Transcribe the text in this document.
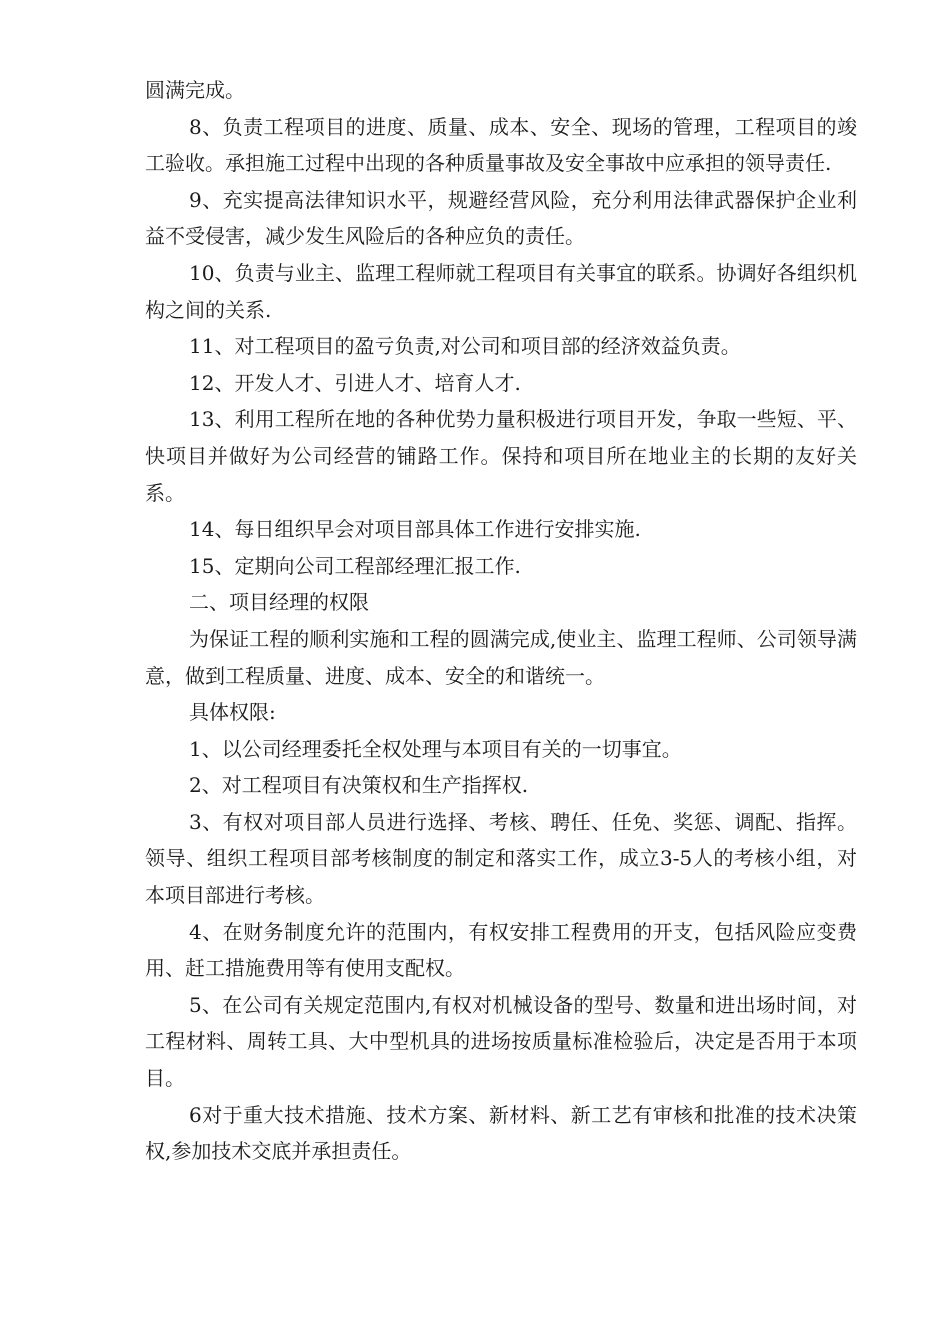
圆满完成。

8、负责工程项目的进度、质量、成本、安全、现场的管理，工程项目的竣工验收。承担施工过程中出现的各种质量事故及安全事故中应承担的领导责任.

9、充实提高法律知识水平，规避经营风险，充分利用法律武器保护企业利益不受侵害，减少发生风险后的各种应负的责任。

10、负责与业主、监理工程师就工程项目有关事宜的联系。协调好各组织机构之间的关系.

11、对工程项目的盈亏负责,对公司和项目部的经济效益负责。

12、开发人才、引进人才、培育人才.

13、利用工程所在地的各种优势力量积极进行项目开发，争取一些短、平、快项目并做好为公司经营的铺路工作。保持和项目所在地业主的长期的友好关系。

14、每日组织早会对项目部具体工作进行安排实施.

15、定期向公司工程部经理汇报工作.

二、项目经理的权限

为保证工程的顺利实施和工程的圆满完成,使业主、监理工程师、公司领导满意，做到工程质量、进度、成本、安全的和谐统一。

具体权限:

1、以公司经理委托全权处理与本项目有关的一切事宜。

2、对工程项目有决策权和生产指挥权.

3、有权对项目部人员进行选择、考核、聘任、任免、奖惩、调配、指挥。领导、组织工程项目部考核制度的制定和落实工作，成立3-5人的考核小组，对本项目部进行考核。

4、在财务制度允许的范围内，有权安排工程费用的开支，包括风险应变费用、赶工措施费用等有使用支配权。

5、在公司有关规定范围内,有权对机械设备的型号、数量和进出场时间，对工程材料、周转工具、大中型机具的进场按质量标准检验后，决定是否用于本项目。

6对于重大技术措施、技术方案、新材料、新工艺有审核和批准的技术决策权,参加技术交底并承担责任。
